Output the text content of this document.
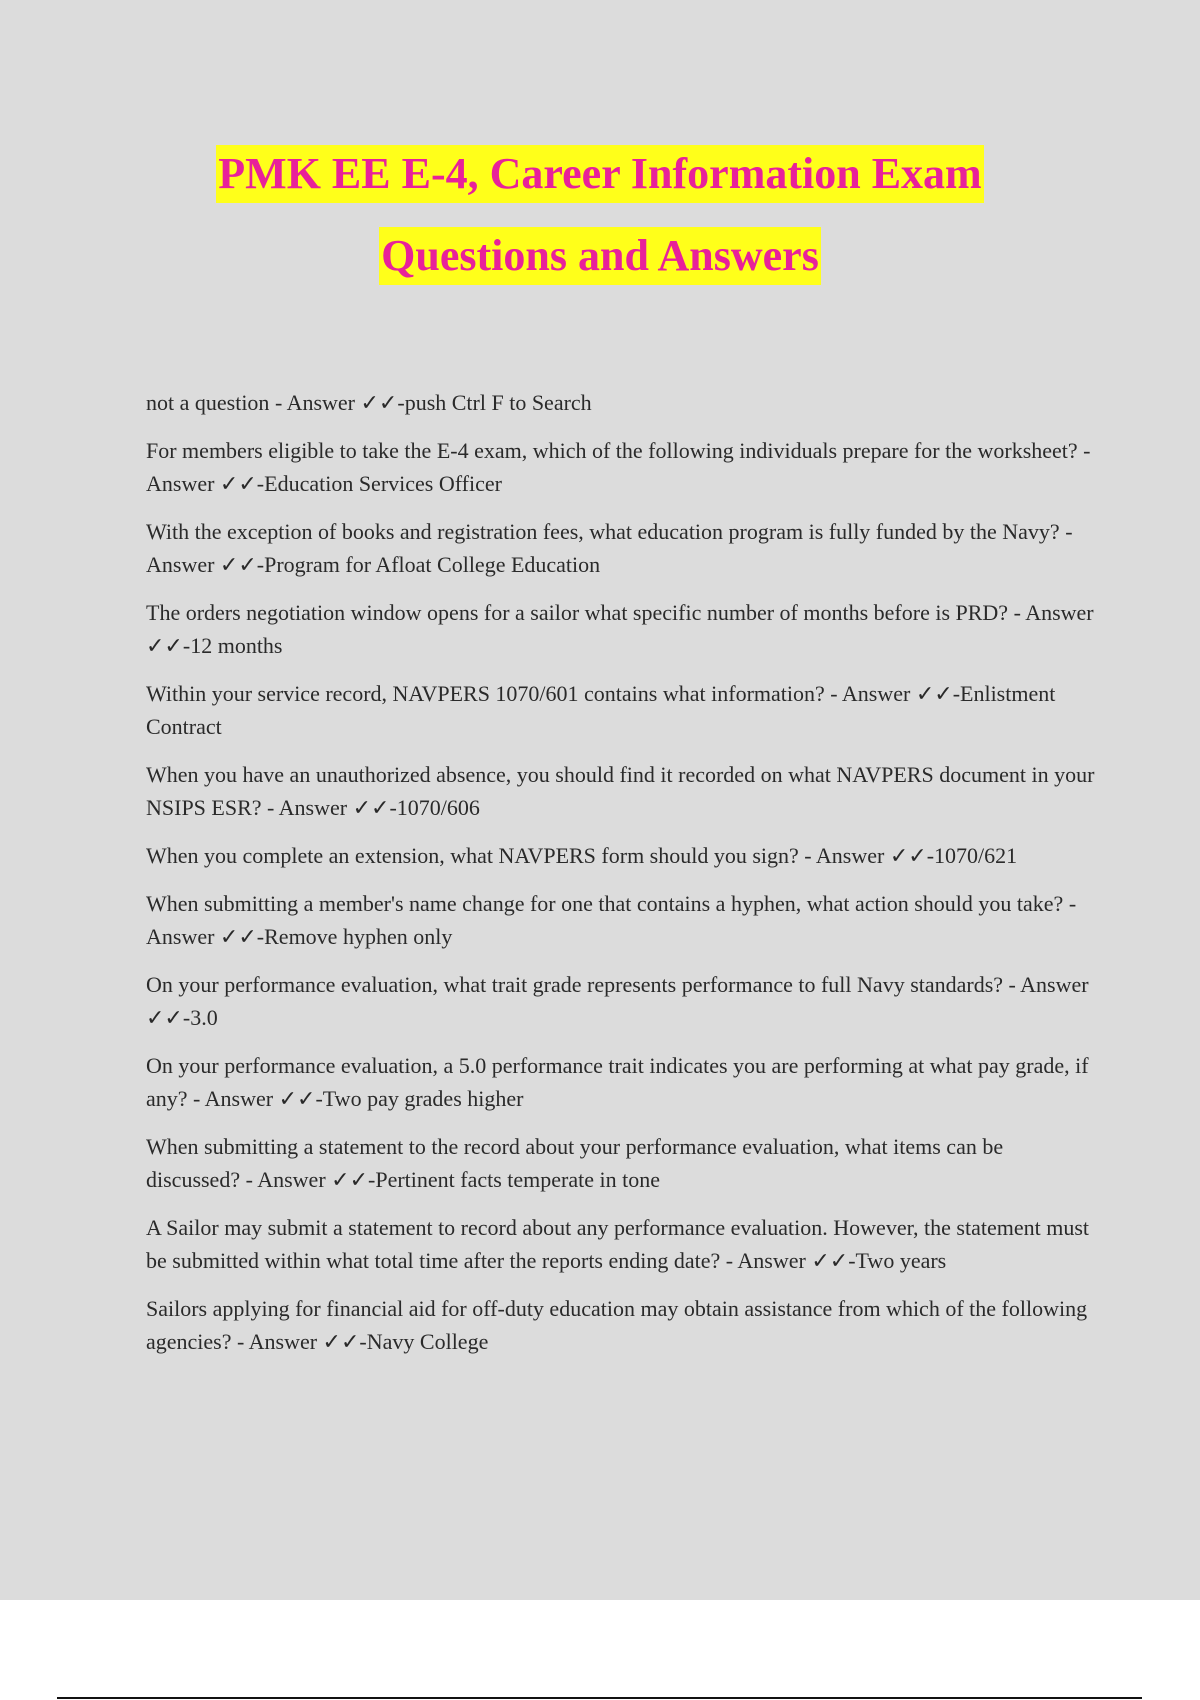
PMK EE E-4, Career Information Exam
Questions and Answers

not a question - Answer ✓✓-push Ctrl F to Search

For members eligible to take the E-4 exam, which of the following individuals prepare for the worksheet? - Answer ✓✓-Education Services Officer

With the exception of books and registration fees, what education program is fully funded by the Navy? - Answer ✓✓-Program for Afloat College Education

The orders negotiation window opens for a sailor what specific number of months before is PRD? - Answer ✓✓-12 months

Within your service record, NAVPERS 1070/601 contains what information? - Answer ✓✓-Enlistment Contract

When you have an unauthorized absence, you should find it recorded on what NAVPERS document in your NSIPS ESR? - Answer ✓✓-1070/606

When you complete an extension, what NAVPERS form should you sign? - Answer ✓✓-1070/621

When submitting a member's name change for one that contains a hyphen, what action should you take? - Answer ✓✓-Remove hyphen only

On your performance evaluation, what trait grade represents performance to full Navy standards? - Answer ✓✓-3.0

On your performance evaluation, a 5.0 performance trait indicates you are performing at what pay grade, if any? - Answer ✓✓-Two pay grades higher

When submitting a statement to the record about your performance evaluation, what items can be discussed? - Answer ✓✓-Pertinent facts temperate in tone

A Sailor may submit a statement to record about any performance evaluation. However, the statement must be submitted within what total time after the reports ending date? - Answer ✓✓-Two years

Sailors applying for financial aid for off-duty education may obtain assistance from which of the following agencies? - Answer ✓✓-Navy College
